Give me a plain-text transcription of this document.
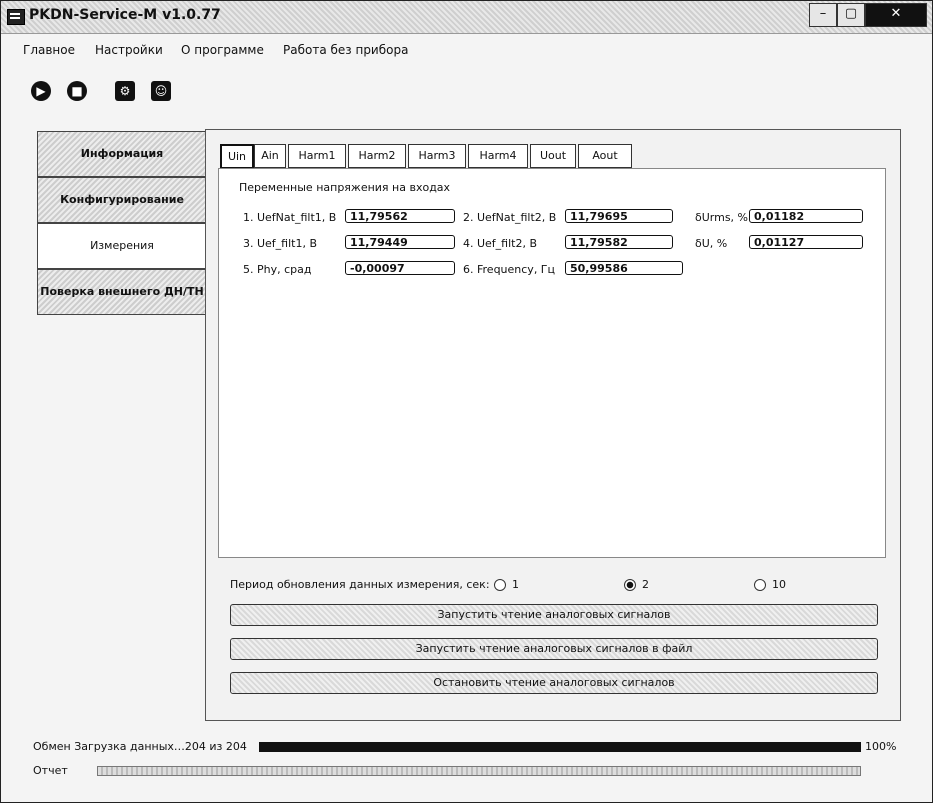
PKDN-Service-M v1.0.77	–	▢	✕
Главное Настройки О программе Работа без прибора
▶	■	⚙	☺
Информация
Конфигурирование
Измерения
Поверка внешнего ДН/ТН
Uin	Ain	Harm1	Harm2	Harm3	Harm4	Uout	Aout
Переменные напряжения на входах
1. UefNat_filt1, В	11,79562	2. UefNat_filt2, В	11,79695	δUrms, % 0,01182
3. Uef_filt1, В	11,79449	4. Uef_filt2, В	11,79582	δU, %	0,01127
5. Phy, срад	-0,00097	6. Frequency, Гц	50,99586
Период обновления данных измерения, сек:	1	2	10
Запустить чтение аналоговых сигналов
Запустить чтение аналоговых сигналов в файл
Остановить чтение аналоговых сигналов
Обмен Загрузка данных…204 из 204	100%
Отчет
